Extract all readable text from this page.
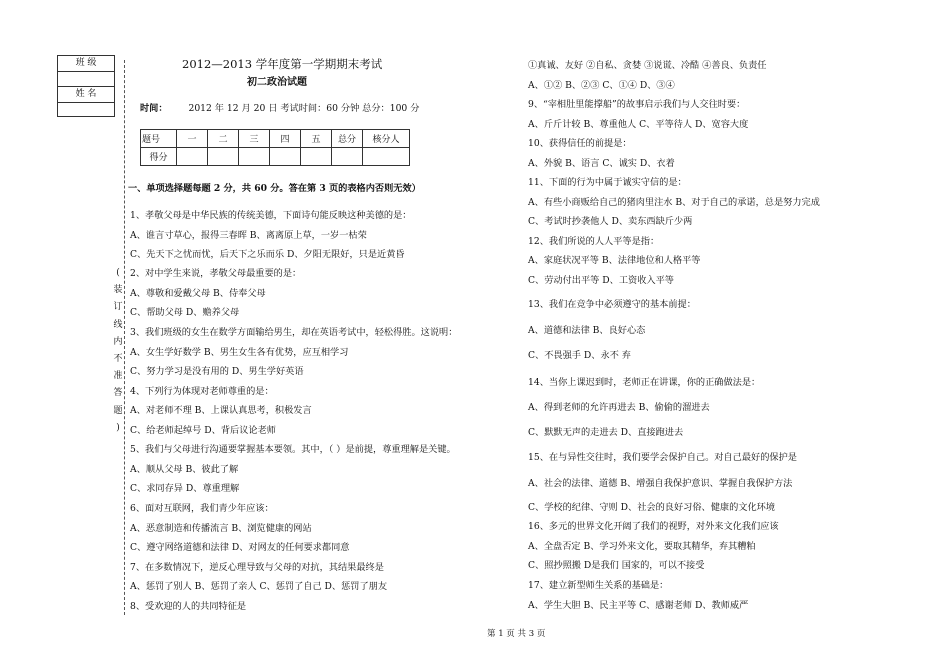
班 级
姓 名
(
装
订
线
内
不
准
答
题
)
2012—2013 学年度第一学期期末考试
初二政治试题
时间： 2012 年 12 月 20 日 考试时间：60 分钟 总分：100 分
题号	一	二	三	四	五	总分	核分人
得分							
一、单项选择题每题 2 分，共 60 分。答在第 3 页的表格内否则无效）
1、孝敬父母是中华民族的传统美德，下面诗句能反映这种美德的是：
A、谁言寸草心，报得三春晖 B、离离原上草，一岁一枯荣
C、先天下之忧而忧，后天下之乐而乐 D、夕阳无限好，只是近黄昏
2、对中学生来说，孝敬父母最重要的是：
A、尊敬和爱戴父母 B、侍奉父母
C、帮助父母 D、赡养父母
3、我们班级的女生在数学方面输给男生，却在英语考试中，轻松得胜。这说明：
A、女生学好数学 B、男生女生各有优势，应互相学习
C、努力学习是没有用的 D、男生学好英语
4、下列行为体现对老师尊重的是：
A、对老师不理 B、上课认真思考，积极发言
C、给老师起绰号 D、背后议论老师
5、我们与父母进行沟通要掌握基本要领。其中，（ ）是前提，尊重理解是关键。
A、顺从父母 B、彼此了解
C、求同存异 D、尊重理解
6、面对互联网，我们青少年应该：
A、恶意制造和传播流言 B、浏览健康的网站
C、遵守网络道德和法律 D、对网友的任何要求都同意
7、在多数情况下，逆反心理导致与父母的对抗，其结果最终是
A、惩罚了别人 B、惩罚了亲人 C、惩罚了自己 D、惩罚了朋友
8、受欢迎的人的共同特征是
①真诚、友好 ②自私、贪婪 ③说谎、冷酷 ④善良、负责任
A、①② B、②③ C、①④ D、③④
9、“宰相肚里能撑船”的故事启示我们与人交往时要：
A、斤斤计较 B、尊重他人 C、平等待人 D、宽容大度
10、获得信任的前提是：
A、外貌 B、语言 C、诚实 D、衣着
11、下面的行为中属于诚实守信的是：
A、有些小商贩给自己的猪肉里注水 B、对于自己的承诺，总是努力完成
C、考试时抄袭他人 D、卖东西缺斤少两
12、我们所说的人人平等是指：
A、家庭状况平等 B、法律地位和人格平等
C、劳动付出平等 D、工资收入平等
13、我们在竞争中必须遵守的基本前提：
A、道德和法律 B、良好心态
C、不畏强手 D、永不 弃
14、当你上课迟到时，老师正在讲课，你的正确做法是：
A、得到老师的允许再进去 B、偷偷的溜进去
C、默默无声的走进去 D、直接跑进去
15、在与异性交往时，我们要学会保护自己。对自己最好的保护是
A、社会的法律、道德 B、增强自我保护意识、掌握自我保护方法
C、学校的纪律、守则 D、社会的良好习俗、健康的文化环境
16、多元的世界文化开阔了我们的视野，对外来文化我们应该
A、全盘否定 B、学习外来文化，要取其精华，弃其糟粕
C、照抄照搬 D是我们 国家的，可以不接受
17、建立新型师生关系的基础是：
A、学生大胆 B、民主平等 C、感谢老师 D、教师威严
第 1 页 共 3 页
